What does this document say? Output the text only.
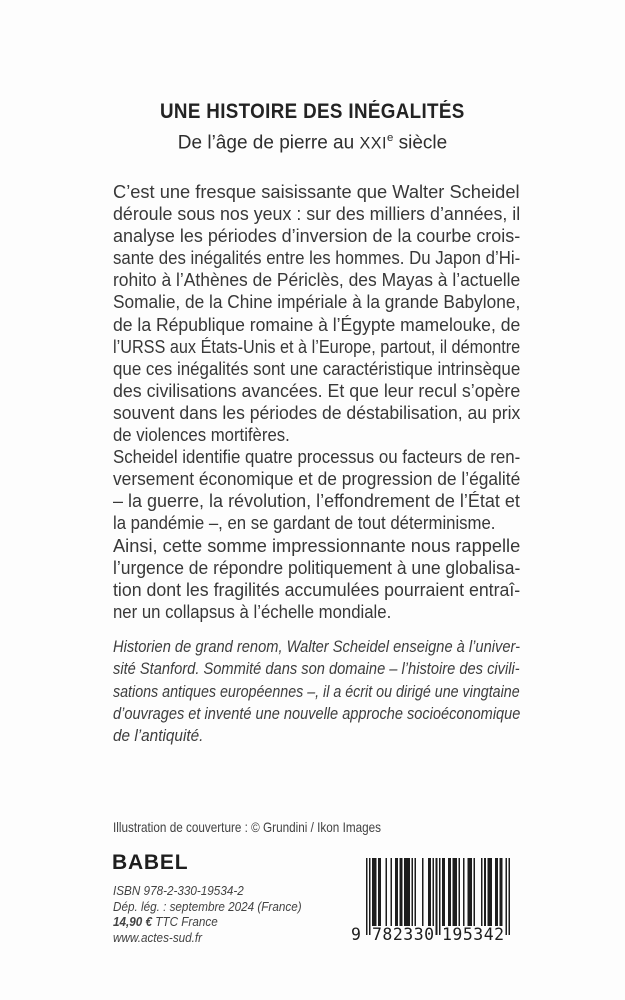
UNE HISTOIRE DES INÉGALITÉS
De l’âge de pierre au XXIe siècle
C’est une fresque saisissante que Walter Scheidel
déroule sous nos yeux : sur des milliers d’années, il
analyse les périodes d’inversion de la courbe crois-
sante des inégalités entre les hommes. Du Japon d’Hi-
rohito à l’Athènes de Périclès, des Mayas à l’actuelle
Somalie, de la Chine impériale à la grande Babylone,
de la République romaine à l’Égypte mamelouke, de
l’URSS aux États-Unis et à l’Europe, partout, il démontre
que ces inégalités sont une caractéristique intrinsèque
des civilisations avancées. Et que leur recul s’opère
souvent dans les périodes de déstabilisation, au prix
de violences mortifères.
Scheidel identifie quatre processus ou facteurs de ren-
versement économique et de progression de l’égalité
– la guerre, la révolution, l’effondrement de l’État et
la pandémie –, en se gardant de tout déterminisme.
Ainsi, cette somme impressionnante nous rappelle
l’urgence de répondre politiquement à une globalisa-
tion dont les fragilités accumulées pourraient entraî-
ner un collapsus à l’échelle mondiale.
Historien de grand renom, Walter Scheidel enseigne à l’univer-
sité Stanford. Sommité dans son domaine – l’histoire des civili-
sations antiques européennes –, il a écrit ou dirigé une vingtaine
d’ouvrages et inventé une nouvelle approche socioéconomique
de l’antiquité.
Illustration de couverture : © Grundini / Ikon Images
BABEL
ISBN 978-2-330-19534-2
Dép. lég. : septembre 2024 (France)
14,90 € TTC France
www.actes-sud.fr	9 782330 195342
